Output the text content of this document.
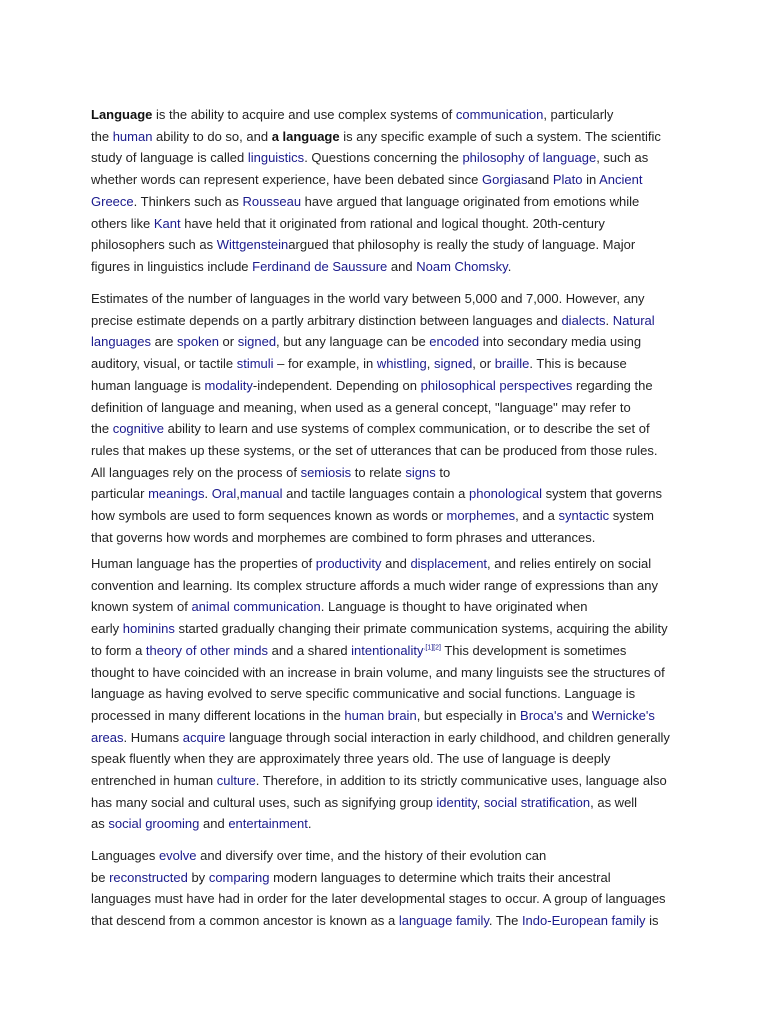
Language is the ability to acquire and use complex systems of communication, particularly
the human ability to do so, and a language is any specific example of such a system. The scientific
study of language is called linguistics. Questions concerning the philosophy of language, such as
whether words can represent experience, have been debated since Gorgiasand Plato in Ancient
Greece. Thinkers such as Rousseau have argued that language originated from emotions while
others like Kant have held that it originated from rational and logical thought. 20th-century
philosophers such as Wittgensteinargued that philosophy is really the study of language. Major
figures in linguistics include Ferdinand de Saussure and Noam Chomsky.
Estimates of the number of languages in the world vary between 5,000 and 7,000. However, any
precise estimate depends on a partly arbitrary distinction between languages and dialects. Natural
languages are spoken or signed, but any language can be encoded into secondary media using
auditory, visual, or tactile stimuli – for example, in whistling, signed, or braille. This is because
human language is modality-independent. Depending on philosophical perspectives regarding the
definition of language and meaning, when used as a general concept, "language" may refer to
the cognitive ability to learn and use systems of complex communication, or to describe the set of
rules that makes up these systems, or the set of utterances that can be produced from those rules.
All languages rely on the process of semiosis to relate signs to
particular meanings. Oral,manual and tactile languages contain a phonological system that governs
how symbols are used to form sequences known as words or morphemes, and a syntactic system
that governs how words and morphemes are combined to form phrases and utterances.
Human language has the properties of productivity and displacement, and relies entirely on social
convention and learning. Its complex structure affords a much wider range of expressions than any
known system of animal communication. Language is thought to have originated when
early hominins started gradually changing their primate communication systems, acquiring the ability
to form a theory of other minds and a shared intentionality$^{.[1][2]}$ This development is sometimes
thought to have coincided with an increase in brain volume, and many linguists see the structures of
language as having evolved to serve specific communicative and social functions. Language is
processed in many different locations in the human brain, but especially in Broca's and Wernicke's
areas. Humans acquire language through social interaction in early childhood, and children generally
speak fluently when they are approximately three years old. The use of language is deeply
entrenched in human culture. Therefore, in addition to its strictly communicative uses, language also
has many social and cultural uses, such as signifying group identity, social stratification, as well
as social grooming and entertainment.
Languages evolve and diversify over time, and the history of their evolution can
be reconstructed by comparing modern languages to determine which traits their ancestral
languages must have had in order for the later developmental stages to occur. A group of languages
that descend from a common ancestor is known as a language family. The Indo-European family is
